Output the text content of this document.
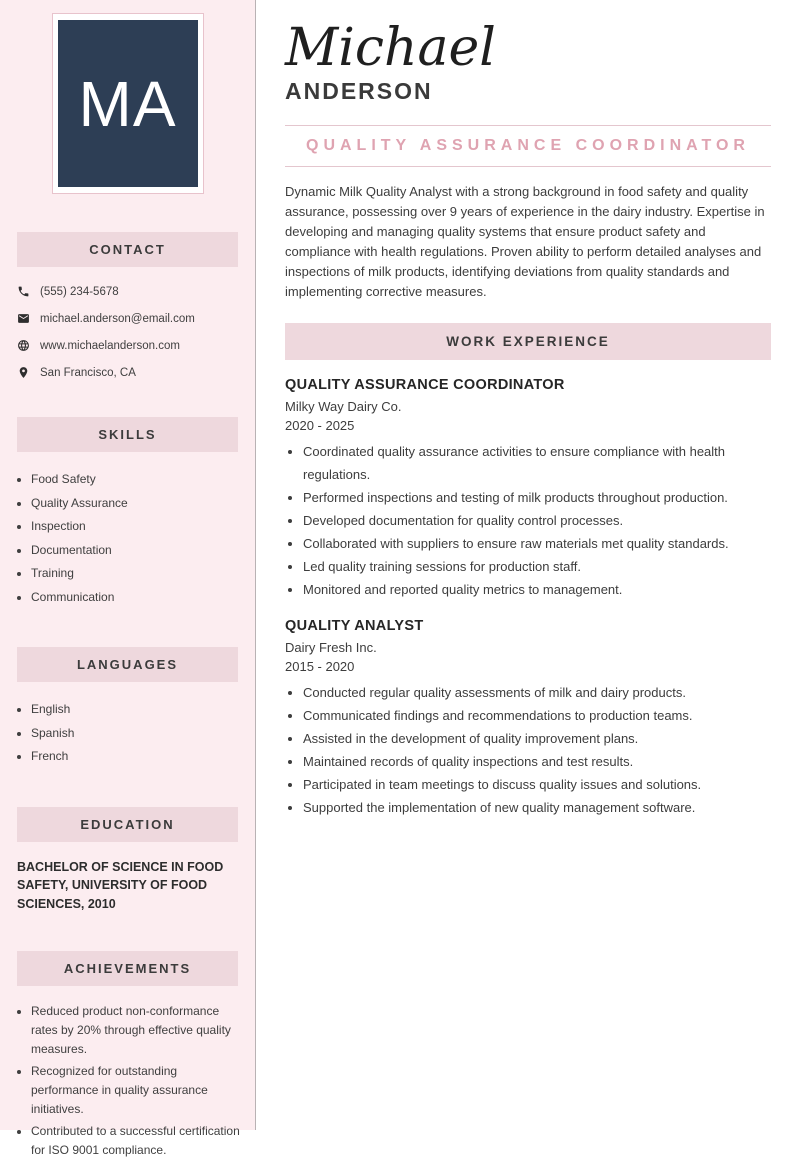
MA
CONTACT
(555) 234-5678
michael.anderson@email.com
www.michaelanderson.com
San Francisco, CA
SKILLS
• Food Safety
• Quality Assurance
• Inspection
• Documentation
• Training
• Communication
LANGUAGES
• English
• Spanish
• French
EDUCATION
BACHELOR OF SCIENCE IN FOOD SAFETY, UNIVERSITY OF FOOD SCIENCES, 2010
ACHIEVEMENTS
• Reduced product non-conformance rates by 20% through effective quality measures.
• Recognized for outstanding performance in quality assurance initiatives.
• Contributed to a successful certification for ISO 9001 compliance.
Michael
ANDERSON
QUALITY ASSURANCE COORDINATOR

Dynamic Milk Quality Analyst with a strong background in food safety and quality assurance, possessing over 9 years of experience in the dairy industry. Expertise in developing and managing quality systems that ensure product safety and compliance with health regulations. Proven ability to perform detailed analyses and inspections of milk products, identifying deviations from quality standards and implementing corrective measures.

WORK EXPERIENCE
QUALITY ASSURANCE COORDINATOR
Milky Way Dairy Co.
2020 - 2025
• Coordinated quality assurance activities to ensure compliance with health regulations.
• Performed inspections and testing of milk products throughout production.
• Developed documentation for quality control processes.
• Collaborated with suppliers to ensure raw materials met quality standards.
• Led quality training sessions for production staff.
• Monitored and reported quality metrics to management.
QUALITY ANALYST
Dairy Fresh Inc.
2015 - 2020
• Conducted regular quality assessments of milk and dairy products.
• Communicated findings and recommendations to production teams.
• Assisted in the development of quality improvement plans.
• Maintained records of quality inspections and test results.
• Participated in team meetings to discuss quality issues and solutions.
• Supported the implementation of new quality management software.
